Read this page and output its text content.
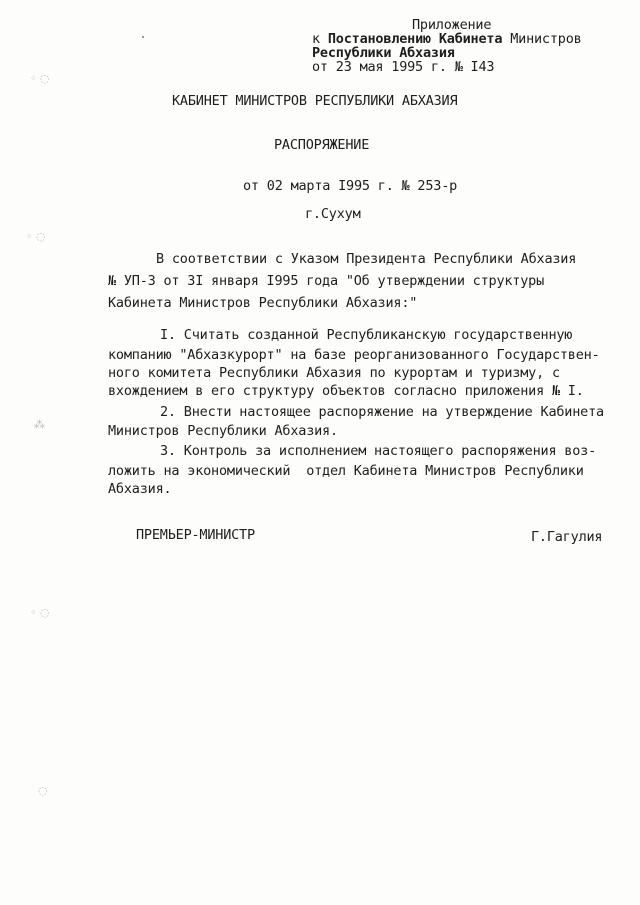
◦ ◌
◦ ◌
⁂
◦ ◌
◌
Приложение
к Постановлению Кабинета Министров
Республики Абхазия
от 23 мая 1995 г. № I43
КАБИНЕТ МИНИСТРОВ РЕСПУБЛИКИ АБХАЗИЯ
РАСПОРЯЖЕНИЕ
от 02 марта I995 г. № 253-р
г.Сухум
В соответствии с Указом Президента Республики Абхазия
№ УП-3 от 3I января I995 года "Об утверждении структуры
Кабинета Министров Республики Абхазия:"
I. Считать созданной Республиканскую государственную
компанию "Абхазкурорт" на базе реорганизованного Государствен-
ного комитета Республики Абхазия по курортам и туризму, с
вхождением в его структуру объектов согласно приложения № I.
2. Внести настоящее распоряжение на утверждение Кабинета
Министров Республики Абхазия.
3. Контроль за исполнением настоящего распоряжения воз-
ложить на экономический  отдел Кабинета Министров Республики
Абхазия.
ПРЕМЬЕР-МИНИСТР	Г.Гагулия
